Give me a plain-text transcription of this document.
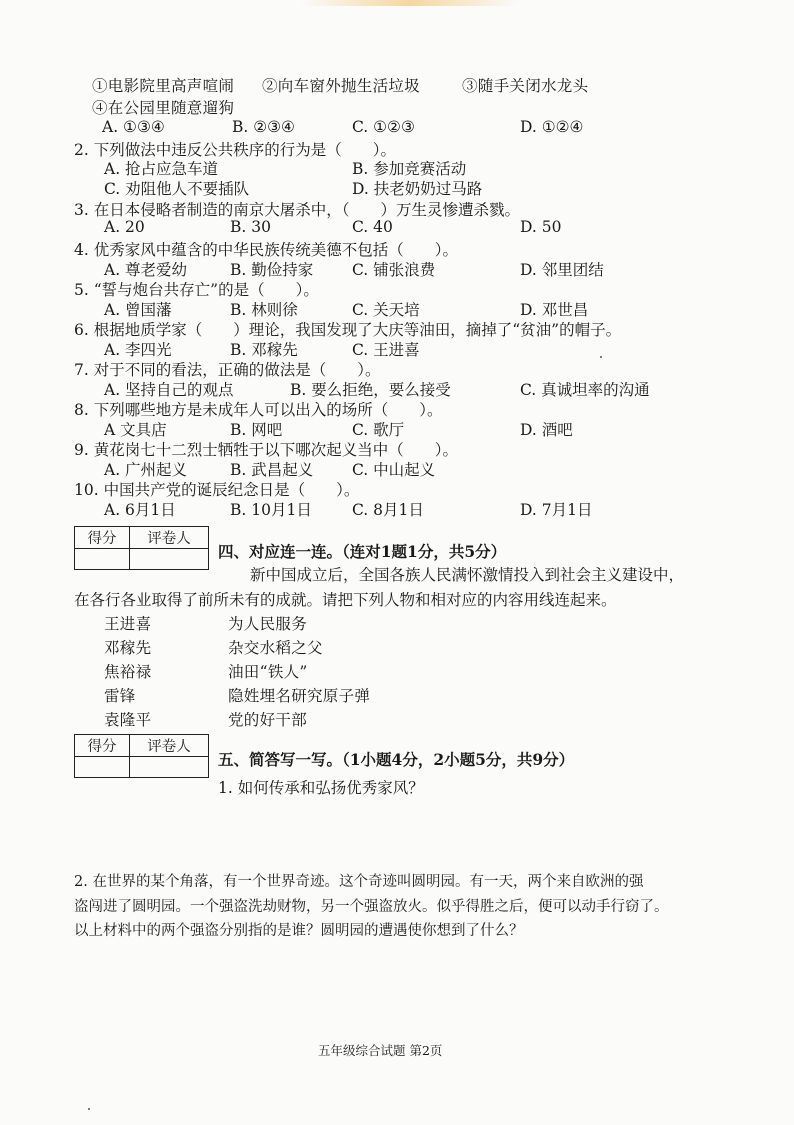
①电影院里高声喧闹 ②向车窗外抛生活垃圾	③随手关闭水龙头
④在公园里随意遛狗
A. ①③④	B. ②③④	C. ①②③	D. ①②④
2. 下列做法中违反公共秩序的行为是（　　）。
A. 抢占应急车道	B. 参加竞赛活动
C. 劝阻他人不要插队	D. 扶老奶奶过马路
3. 在日本侵略者制造的南京大屠杀中，（　　）万生灵惨遭杀戮。
A. 20	B. 30	C. 40	D. 50
4. 优秀家风中蕴含的中华民族传统美德不包括（　　）。
A. 尊老爱幼	B. 勤俭持家	C. 铺张浪费	D. 邻里团结
5. “誓与炮台共存亡”的是（　　）。
A. 曾国藩	B. 林则徐	C. 关天培	D. 邓世昌
6. 根据地质学家（　　）理论，我国发现了大庆等油田，摘掉了“贫油”的帽子。
A. 李四光	B. 邓稼先	C. 王进喜
7. 对于不同的看法，正确的做法是（　　）。
A. 坚持自己的观点	B. 要么拒绝，要么接受	C. 真诚坦率的沟通
8. 下列哪些地方是未成年人可以出入的场所（　　）。
A 文具店	B. 网吧	C. 歌厅	D. 酒吧
9. 黄花岗七十二烈士牺牲于以下哪次起义当中（　　）。
A. 广州起义	B. 武昌起义	C. 中山起义
10. 中国共产党的诞辰纪念日是（　　）。
A. 6月1日	B. 10月1日	C. 8月1日	D. 7月1日
得分	评卷人

四、对应连一连。（连对1题1分，共5分）
新中国成立后，全国各族人民满怀激情投入到社会主义建设中，
在各行各业取得了前所未有的成就。请把下列人物和相对应的内容用线连起来。
王进喜
邓稼先
焦裕禄
雷锋
袁隆平
为人民服务
杂交水稻之父
油田“铁人”
隐姓埋名研究原子弹
党的好干部
得分	评卷人

五、简答写一写。（1小题4分，2小题5分，共9分）
1. 如何传承和弘扬优秀家风？
2. 在世界的某个角落，有一个世界奇迹。这个奇迹叫圆明园。有一天，两个来自欧洲的强
盗闯进了圆明园。一个强盗洗劫财物，另一个强盗放火。似乎得胜之后，便可以动手行窃了。
以上材料中的两个强盗分别指的是谁？圆明园的遭遇使你想到了什么？
五年级综合试题 第2页
